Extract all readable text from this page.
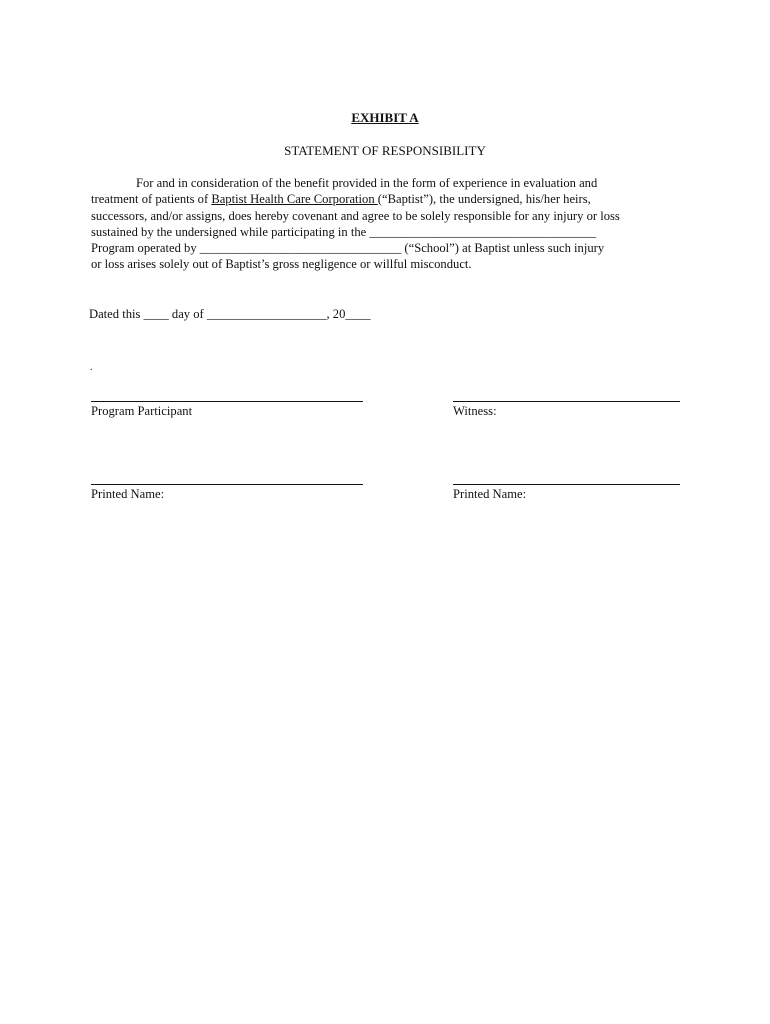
EXHIBIT A
STATEMENT OF RESPONSIBILITY
For and in consideration of the benefit provided in the form of experience in evaluation and
treatment of patients of Baptist Health Care Corporation (“Baptist”), the undersigned, his/her heirs,
successors, and/or assigns, does hereby covenant and agree to be solely responsible for any injury or loss
sustained by the undersigned while participating in the ____________________________________
Program operated by ________________________________ (“School”) at Baptist unless such injury
or loss arises solely out of Baptist’s gross negligence or willful misconduct.
Dated this ____ day of ___________________, 20____
.
Program Participant	Witness:
Printed Name:	Printed Name:
